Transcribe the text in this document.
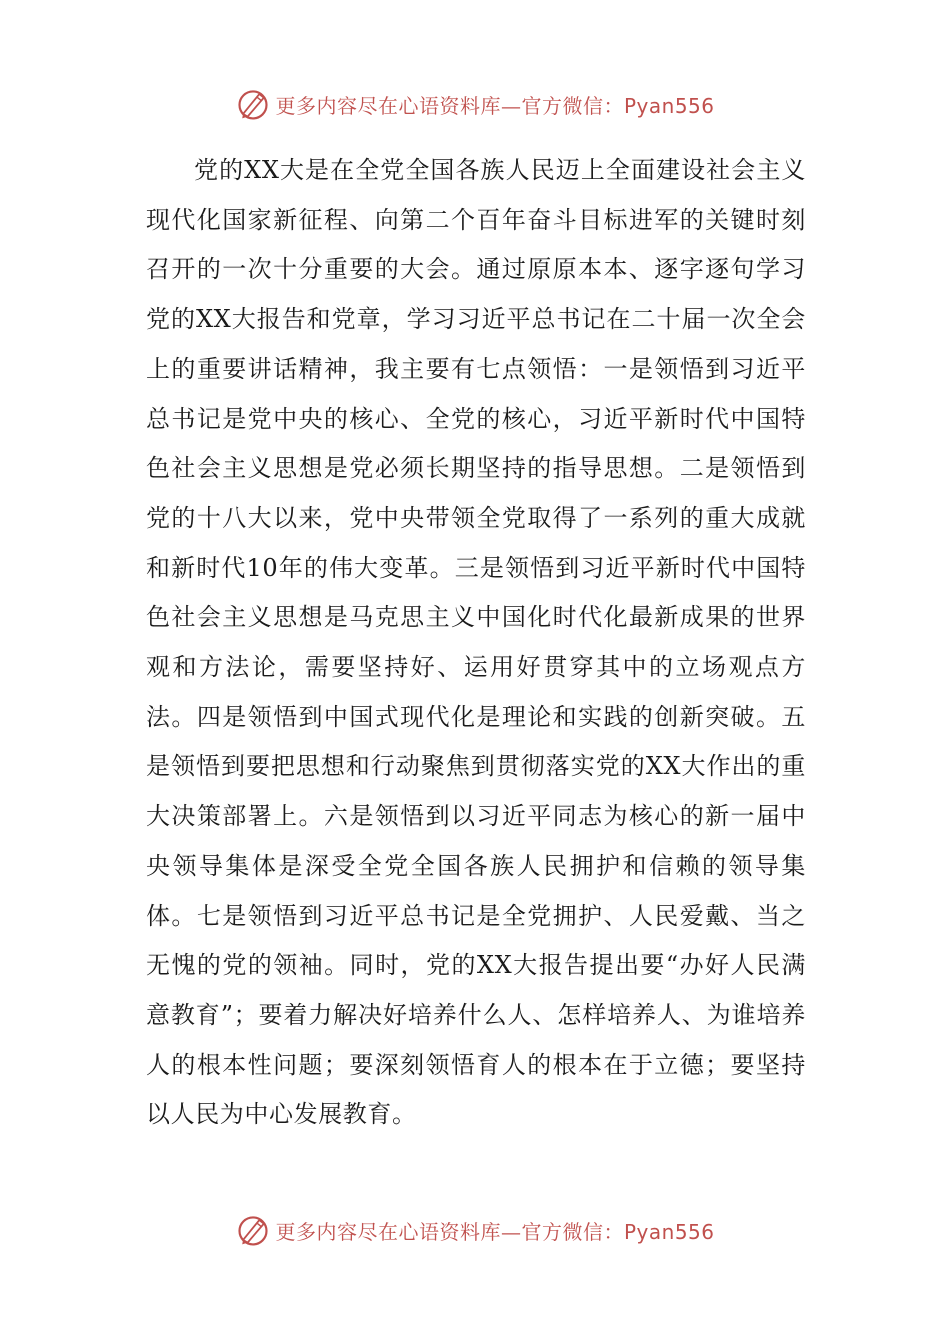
更多内容尽在心语资料库—官方微信：Pyan556

党的XX大是在全党全国各族人民迈上全面建设社会主义现代化国家新征程、向第二个百年奋斗目标进军的关键时刻召开的一次十分重要的大会。通过原原本本、逐字逐句学习党的XX大报告和党章，学习习近平总书记在二十届一次全会上的重要讲话精神，我主要有七点领悟：一是领悟到习近平总书记是党中央的核心、全党的核心，习近平新时代中国特色社会主义思想是党必须长期坚持的指导思想。二是领悟到党的十八大以来，党中央带领全党取得了一系列的重大成就和新时代10年的伟大变革。三是领悟到习近平新时代中国特色社会主义思想是马克思主义中国化时代化最新成果的世界观和方法论，需要坚持好、运用好贯穿其中的立场观点方法。四是领悟到中国式现代化是理论和实践的创新突破。五是领悟到要把思想和行动聚焦到贯彻落实党的XX大作出的重大决策部署上。六是领悟到以习近平同志为核心的新一届中央领导集体是深受全党全国各族人民拥护和信赖的领导集体。七是领悟到习近平总书记是全党拥护、人民爱戴、当之无愧的党的领袖。同时，党的XX大报告提出要“办好人民满意教育”；要着力解决好培养什么人、怎样培养人、为谁培养人的根本性问题；要深刻领悟育人的根本在于立德；要坚持以人民为中心发展教育。

更多内容尽在心语资料库—官方微信：Pyan556
